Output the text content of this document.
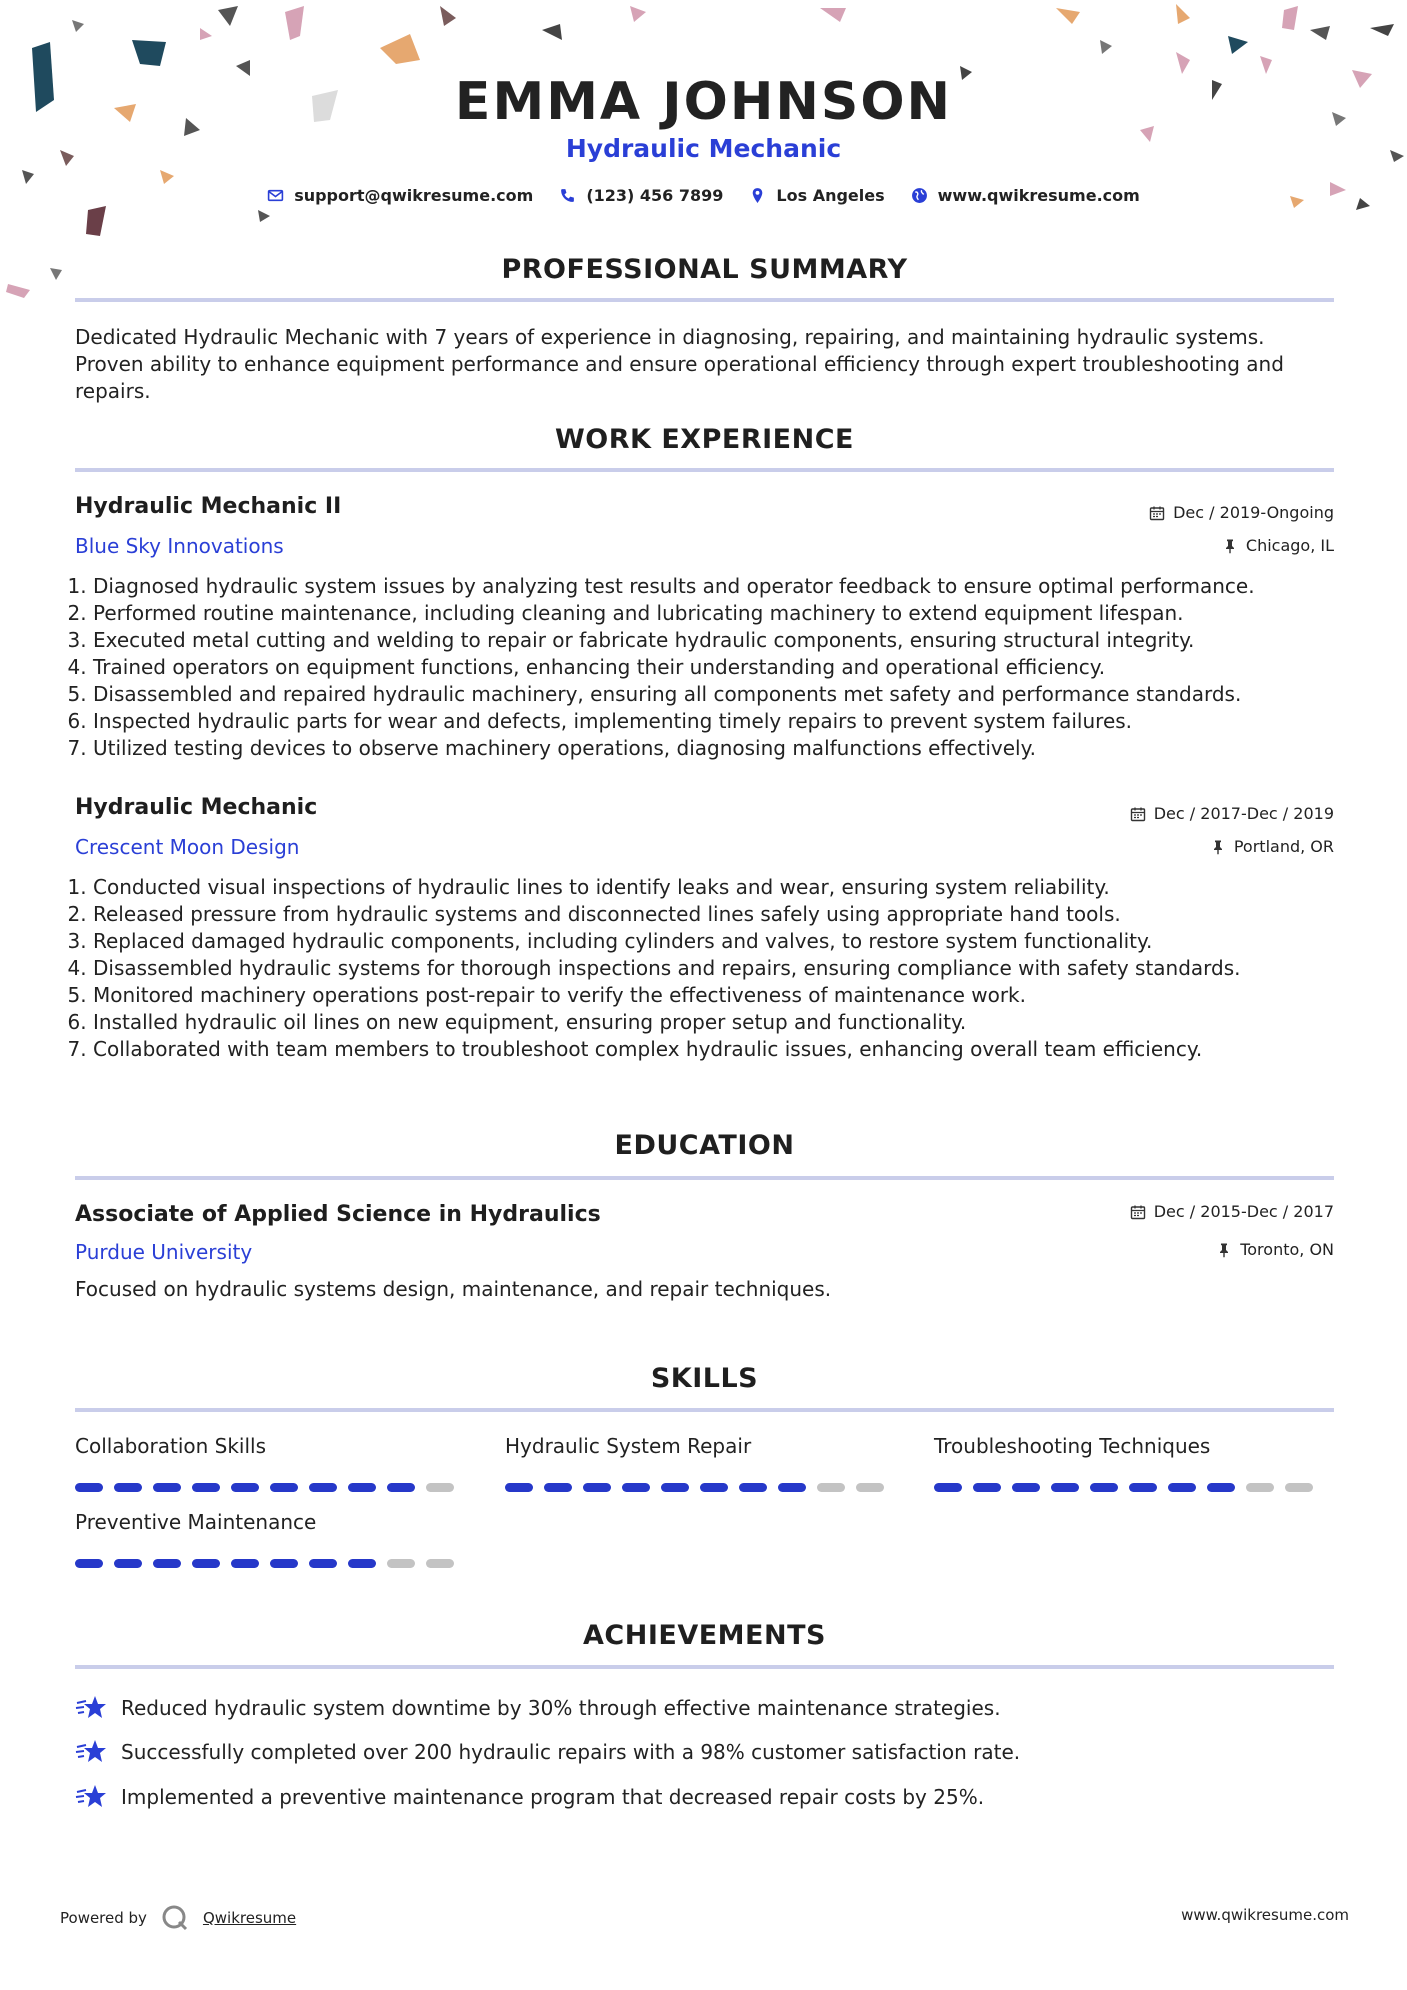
EMMA JOHNSON
Hydraulic Mechanic
support@qwikresume.com	(123) 456 7899	Los Angeles	www.qwikresume.com
PROFESSIONAL SUMMARY
Dedicated Hydraulic Mechanic with 7 years of experience in diagnosing, repairing, and maintaining hydraulic systems. Proven ability to enhance equipment performance and ensure operational efficiency through expert troubleshooting and repairs.
WORK EXPERIENCE
Hydraulic Mechanic II	Dec / 2019-Ongoing
Blue Sky Innovations	Chicago, IL
1. Diagnosed hydraulic system issues by analyzing test results and operator feedback to ensure optimal performance.
2. Performed routine maintenance, including cleaning and lubricating machinery to extend equipment lifespan.
3. Executed metal cutting and welding to repair or fabricate hydraulic components, ensuring structural integrity.
4. Trained operators on equipment functions, enhancing their understanding and operational efficiency.
5. Disassembled and repaired hydraulic machinery, ensuring all components met safety and performance standards.
6. Inspected hydraulic parts for wear and defects, implementing timely repairs to prevent system failures.
7. Utilized testing devices to observe machinery operations, diagnosing malfunctions effectively.
Hydraulic Mechanic	Dec / 2017-Dec / 2019
Crescent Moon Design	Portland, OR
1. Conducted visual inspections of hydraulic lines to identify leaks and wear, ensuring system reliability.
2. Released pressure from hydraulic systems and disconnected lines safely using appropriate hand tools.
3. Replaced damaged hydraulic components, including cylinders and valves, to restore system functionality.
4. Disassembled hydraulic systems for thorough inspections and repairs, ensuring compliance with safety standards.
5. Monitored machinery operations post-repair to verify the effectiveness of maintenance work.
6. Installed hydraulic oil lines on new equipment, ensuring proper setup and functionality.
7. Collaborated with team members to troubleshoot complex hydraulic issues, enhancing overall team efficiency.
EDUCATION
Associate of Applied Science in Hydraulics	Dec / 2015-Dec / 2017
Purdue University	Toronto, ON
Focused on hydraulic systems design, maintenance, and repair techniques.
SKILLS
Collaboration Skills	Hydraulic System Repair	Troubleshooting Techniques
Preventive Maintenance
ACHIEVEMENTS
Reduced hydraulic system downtime by 30% through effective maintenance strategies.
Successfully completed over 200 hydraulic repairs with a 98% customer satisfaction rate.
Implemented a preventive maintenance program that decreased repair costs by 25%.
Powered by	Qwikresume	www.qwikresume.com
